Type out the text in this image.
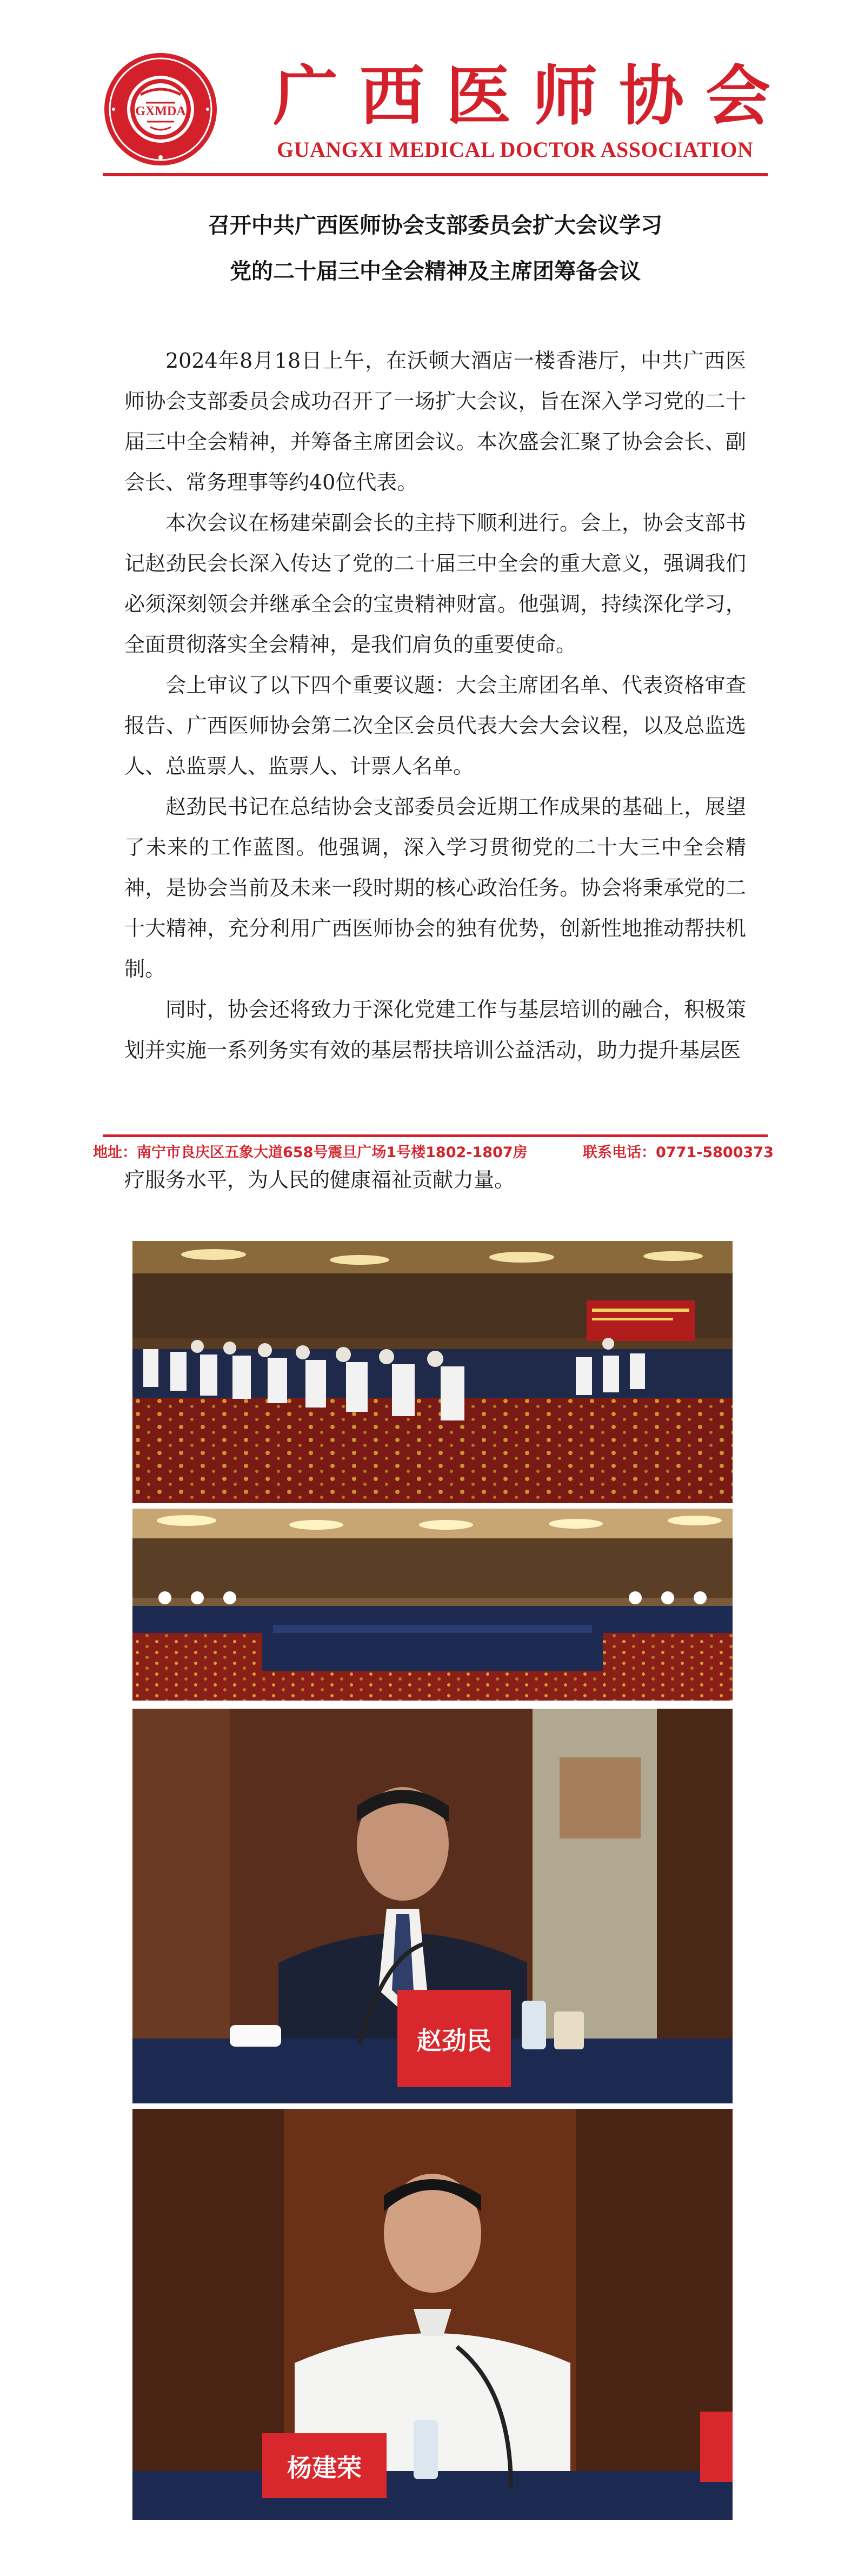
GXMDA 广西医师协会
GUANGXI MEDICAL DOCTOR ASSOCIATION
召开中共广西医师协会支部委员会扩大会议学习
党的二十届三中全会精神及主席团筹备会议

2024年8月18日上午，在沃顿大酒店一楼香港厅，中共广西医师协会支部委员会成功召开了一场扩大会议，旨在深入学习党的二十届三中全会精神，并筹备主席团会议。本次盛会汇聚了协会会长、副会长、常务理事等约40位代表。

本次会议在杨建荣副会长的主持下顺利进行。会上，协会支部书记赵劲民会长深入传达了党的二十届三中全会的重大意义，强调我们必须深刻领会并继承全会的宝贵精神财富。他强调，持续深化学习，全面贯彻落实全会精神，是我们肩负的重要使命。

会上审议了以下四个重要议题：大会主席团名单、代表资格审查报告、广西医师协会第二次全区会员代表大会大会议程，以及总监选人、总监票人、监票人、计票人名单。

赵劲民书记在总结协会支部委员会近期工作成果的基础上，展望了未来的工作蓝图。他强调，深入学习贯彻党的二十大三中全会精神，是协会当前及未来一段时期的核心政治任务。协会将秉承党的二十大精神，充分利用广西医师协会的独有优势，创新性地推动帮扶机制。

同时，协会还将致力于深化党建工作与基层培训的融合，积极策划并实施一系列务实有效的基层帮扶培训公益活动，助力提升基层医

地址：南宁市良庆区五象大道658号震旦广场1号楼1802-1807房	联系电话：0771-5800373
疗服务水平，为人民的健康福祉贡献力量。
赵劲民
杨建荣
